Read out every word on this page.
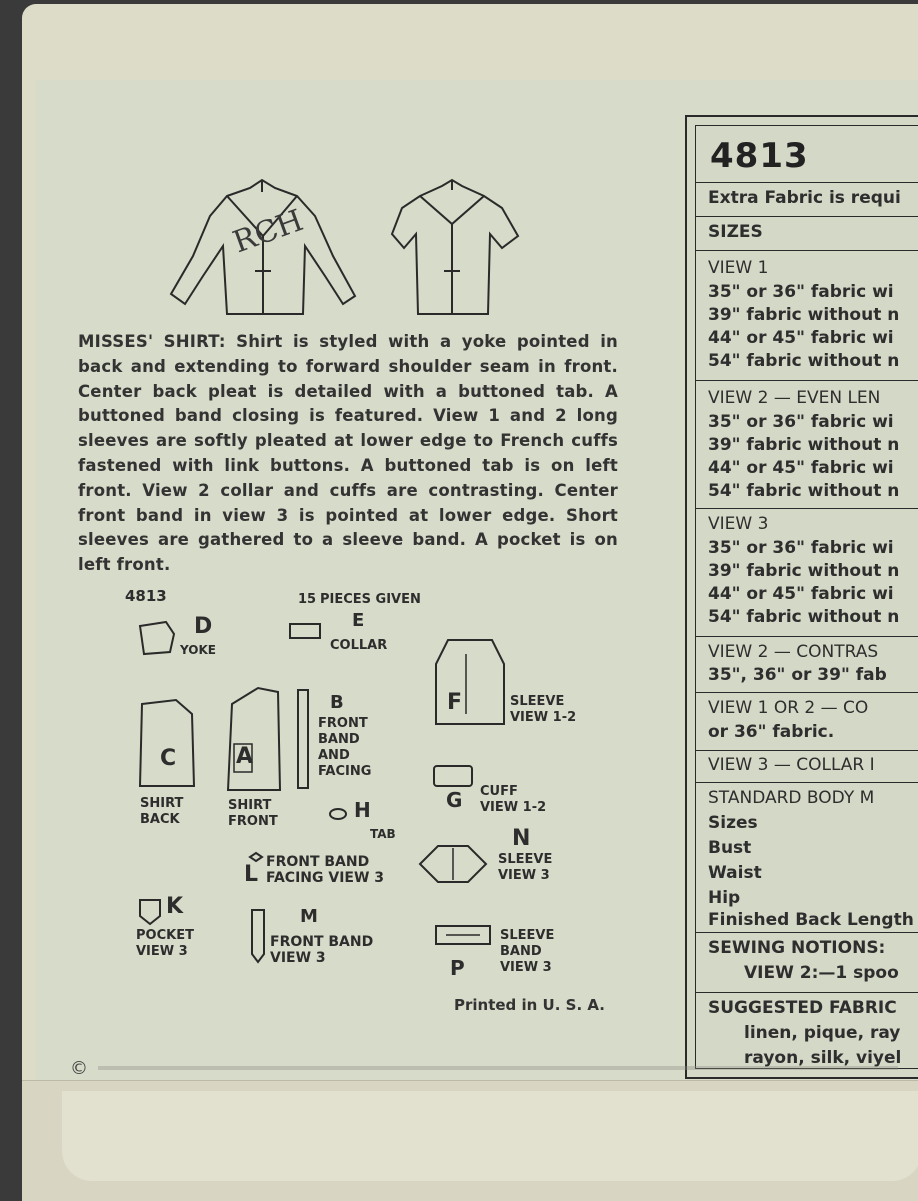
RCH
MISSES' SHIRT: Shirt is styled with a yoke pointed in back and extending to forward shoulder seam in front. Center back pleat is detailed with a buttoned tab. A buttoned band closing is featured. View 1 and 2 long sleeves are softly pleated at lower edge to French cuffs fastened with link buttons. A buttoned tab is on left front. View 2 collar and cuffs are contrasting. Center front band in view 3 is pointed at lower edge. Short sleeves are gathered to a sleeve band. A pocket is on left front.
4813	15 PIECES GIVEN
D
YOKE
E
COLLAR
F	SLEEVE VIEW 1-2
C
SHIRT BACK
A
SHIRT FRONT
B
FRONT BAND AND FACING
G CUFF VIEW 1-2
H
TAB	N
SLEEVE VIEW 3
L FRONT BAND FACING VIEW 3
K
POCKET VIEW 3
M
FRONT BAND VIEW 3	P
SLEEVE BAND VIEW 3
Printed in U. S. A.
4813
Extra Fabric is requi
SIZES
VIEW 1
35" or 36" fabric wi
39" fabric without n
44" or 45" fabric wi
54" fabric without n
VIEW 2 — EVEN LEN
35" or 36" fabric wi
39" fabric without n
44" or 45" fabric wi
54" fabric without n
VIEW 3
35" or 36" fabric wi
39" fabric without n
44" or 45" fabric wi
54" fabric without n
VIEW 2 — CONTRAS
35", 36" or 39" fab
VIEW 1 OR 2 — CO
or 36" fabric.
VIEW 3 — COLLAR I
STANDARD BODY M
Sizes
Bust
Waist
Hip
Finished Back Length
SEWING NOTIONS:
VIEW 2:—1 spoo
SUGGESTED FABRIC
linen, pique, ray
rayon, silk, viyel
©
